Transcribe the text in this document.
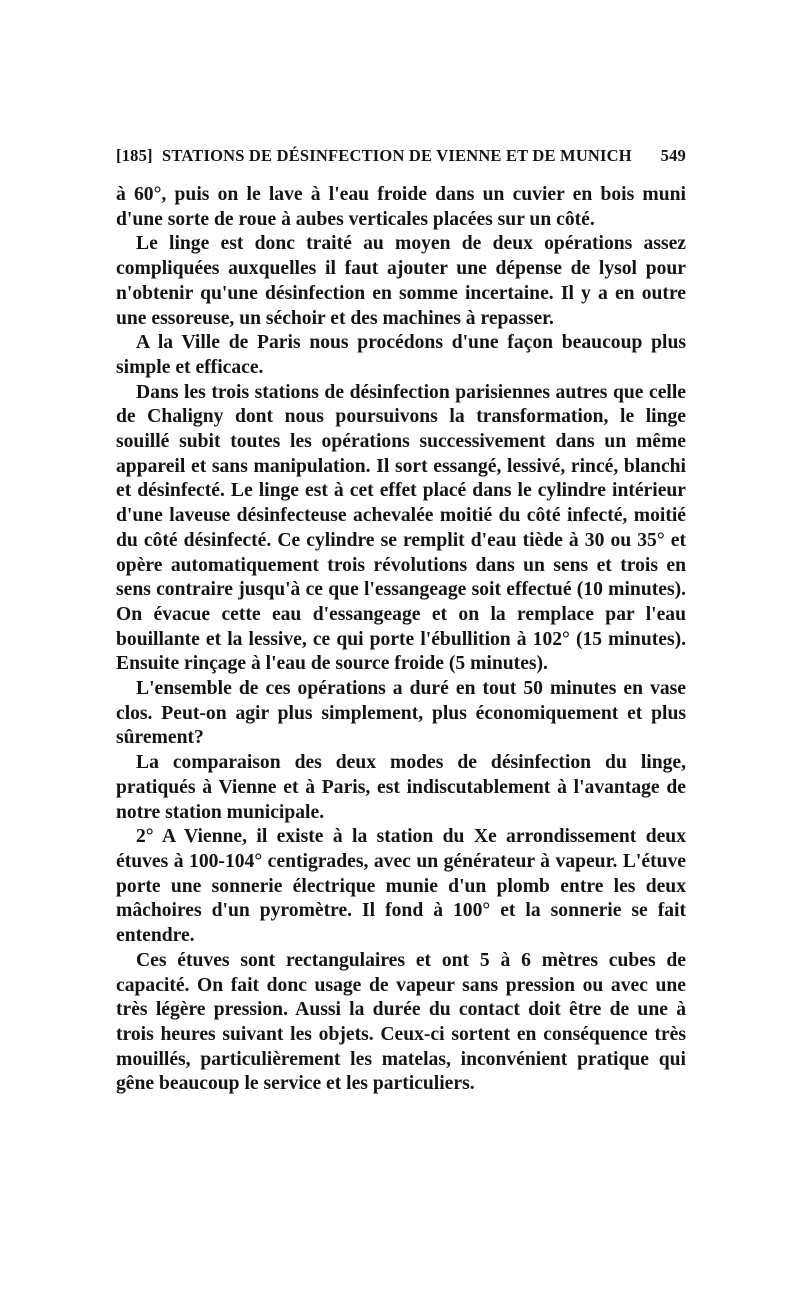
[185] STATIONS DE DÉSINFECTION DE VIENNE ET DE MUNICH 549

à 60°, puis on le lave à l'eau froide dans un cuvier en bois muni d'une sorte de roue à aubes verticales placées sur un côté.

Le linge est donc traité au moyen de deux opérations assez compliquées auxquelles il faut ajouter une dépense de lysol pour n'obtenir qu'une désinfection en somme incertaine. Il y a en outre une essoreuse, un séchoir et des machines à repasser.

A la Ville de Paris nous procédons d'une façon beaucoup plus simple et efficace.

Dans les trois stations de désinfection parisiennes autres que celle de Chaligny dont nous poursuivons la transformation, le linge souillé subit toutes les opérations successivement dans un même appareil et sans manipulation. Il sort essangé, lessivé, rincé, blanchi et désinfecté. Le linge est à cet effet placé dans le cylindre intérieur d'une laveuse désinfecteuse achevalée moitié du côté infecté, moitié du côté désinfecté. Ce cylindre se remplit d'eau tiède à 30 ou 35° et opère automatiquement trois révolutions dans un sens et trois en sens contraire jusqu'à ce que l'essangeage soit effectué (10 minutes). On évacue cette eau d'essangeage et on la remplace par l'eau bouillante et la lessive, ce qui porte l'ébullition à 102° (15 minutes). Ensuite rinçage à l'eau de source froide (5 minutes).

L'ensemble de ces opérations a duré en tout 50 minutes en vase clos. Peut-on agir plus simplement, plus économiquement et plus sûrement?

La comparaison des deux modes de désinfection du linge, pratiqués à Vienne et à Paris, est indiscutablement à l'avantage de notre station municipale.

2° A Vienne, il existe à la station du Xe arrondissement deux étuves à 100-104° centigrades, avec un générateur à vapeur. L'étuve porte une sonnerie électrique munie d'un plomb entre les deux mâchoires d'un pyromètre. Il fond à 100° et la sonnerie se fait entendre.

Ces étuves sont rectangulaires et ont 5 à 6 mètres cubes de capacité. On fait donc usage de vapeur sans pression ou avec une très légère pression. Aussi la durée du contact doit être de une à trois heures suivant les objets. Ceux-ci sortent en conséquence très mouillés, particulièrement les matelas, inconvénient pratique qui gêne beaucoup le service et les particuliers.
